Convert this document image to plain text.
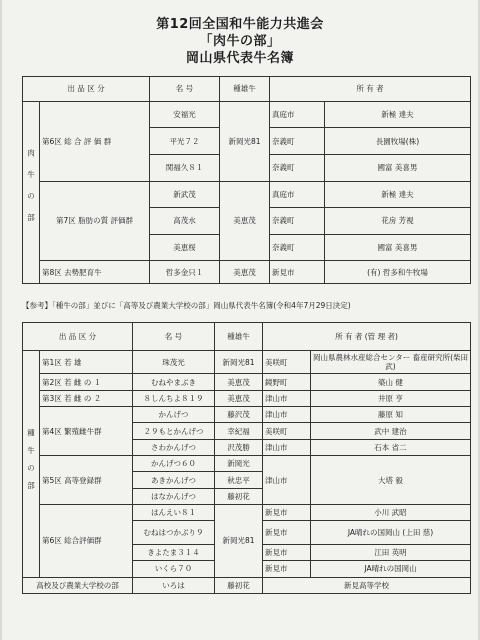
第12回全国和牛能力共進会
「肉牛の部」
岡山県代表牛名簿
出 品 区 分		名 号	種雄牛	所 有 者	
肉牛の部	第6区 総 合 評 価 群	安福光	新岡光81	真庭市	新極 達夫
		平光７２		奈義町	長園牧場(株)
		関福久８１		奈義町	國富 美喜男
	第7区 脂肪の質 評価群	新武茂	美恵茂	真庭市	新極 達夫
		高茂水		奈義町	花房 芳視
		美恵桜		奈義町	國富 美喜男
	第8区 去勢肥育牛	哲多金只１	美恵茂	新見市	(有) 哲多和牛牧場
【参考】「種牛の部」並びに「高等及び農業大学校の部」岡山県代表牛名簿(令和4年7月29日決定)
出 品 区 分		名 号	種雄牛	所 有 者 (管 理 者)	
種牛の部	第1区 若 雄	珠茂光	新岡光81	美咲町	岡山県農林水産総合センター 畜産研究所(柴田 武)
	第2区 若 雌 の １	むねやまぶき	美恵茂	鏡野町	築山 健
	第3区 若 雌 の ２	８しんちよ８１９	美恵茂	津山市	井原 亨
	第4区 繁殖雌牛群	かんげつ	藤沢茂	津山市	藤原 知
		２９もとかんげつ	幸紀福	美咲町	武中 建治
		さわかんげつ	沢茂勝	津山市	石本 省二
	第5区 高等登録群	かんげつ６０	新岡光	津山市	大塔 毅
		あきかんげつ	秋忠平		
		はなかんげつ	藤初花		
	第6区 総合評価群	はんえい８１	新岡光81	新見市	小川 武昭
		むねはつかぶり９		新見市	JA晴れの国岡山 (上田 慈)
		きよたま３１４		新見市	江田 英明
		いくら７０		新見市	JA晴れの国岡山
高校及び農業大学校の部		いろは	藤初花	新見高等学校	
